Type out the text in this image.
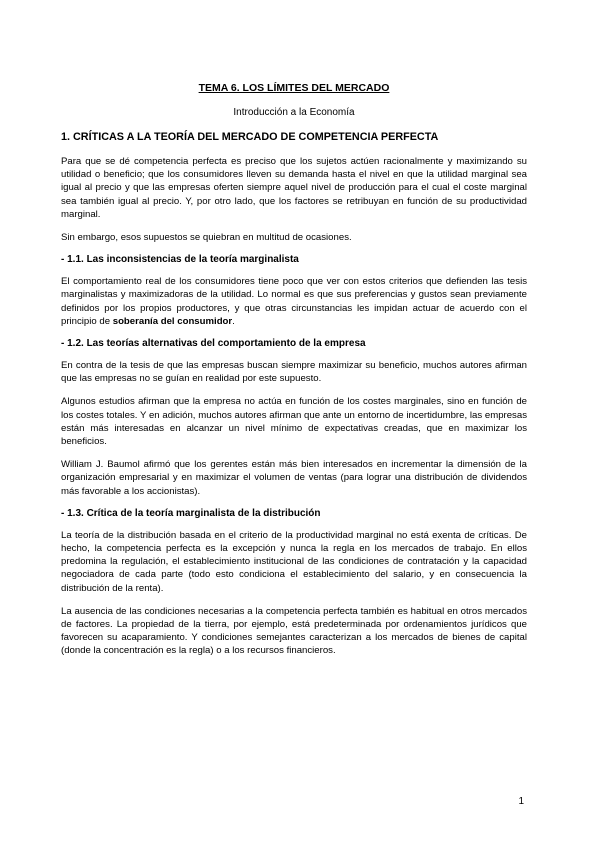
TEMA 6. LOS LÍMITES DEL MERCADO
Introducción a la Economía
1. CRÍTICAS A LA TEORÍA DEL MERCADO DE COMPETENCIA PERFECTA

Para que se dé competencia perfecta es preciso que los sujetos actúen racionalmente y maximizando su utilidad o beneficio; que los consumidores lleven su demanda hasta el nivel en que la utilidad marginal sea igual al precio y que las empresas oferten siempre aquel nivel de producción para el cual el coste marginal sea también igual al precio. Y, por otro lado, que los factores se retribuyan en función de su productividad marginal.

Sin embargo, esos supuestos se quiebran en multitud de ocasiones.

- 1.1. Las inconsistencias de la teoría marginalista

El comportamiento real de los consumidores tiene poco que ver con estos criterios que defienden las tesis marginalistas y maximizadoras de la utilidad. Lo normal es que sus preferencias y gustos sean previamente definidos por los propios productores, y que otras circunstancias les impidan actuar de acuerdo con el principio de soberanía del consumidor.

- 1.2. Las teorías alternativas del comportamiento de la empresa

En contra de la tesis de que las empresas buscan siempre maximizar su beneficio, muchos autores afirman que las empresas no se guían en realidad por este supuesto.

Algunos estudios afirman que la empresa no actúa en función de los costes marginales, sino en función de los costes totales. Y en adición, muchos autores afirman que ante un entorno de incertidumbre, las empresas están más interesadas en alcanzar un nivel mínimo de expectativas creadas, que en maximizar los beneficios.

William J. Baumol afirmó que los gerentes están más bien interesados en incrementar la dimensión de la organización empresarial y en maximizar el volumen de ventas (para lograr una distribución de dividendos más favorable a los accionistas).

- 1.3. Crítica de la teoría marginalista de la distribución

La teoría de la distribución basada en el criterio de la productividad marginal no está exenta de críticas. De hecho, la competencia perfecta es la excepción y nunca la regla en los mercados de trabajo. En ellos predomina la regulación, el establecimiento institucional de las condiciones de contratación y la capacidad negociadora de cada parte (todo esto condiciona el establecimiento del salario, y en consecuencia la distribución de la renta).

La ausencia de las condiciones necesarias a la competencia perfecta también es habitual en otros mercados de factores. La propiedad de la tierra, por ejemplo, está predeterminada por ordenamientos jurídicos que favorecen su acaparamiento. Y condiciones semejantes caracterizan a los mercados de bienes de capital (donde la concentración es la regla) o a los recursos financieros.

1
